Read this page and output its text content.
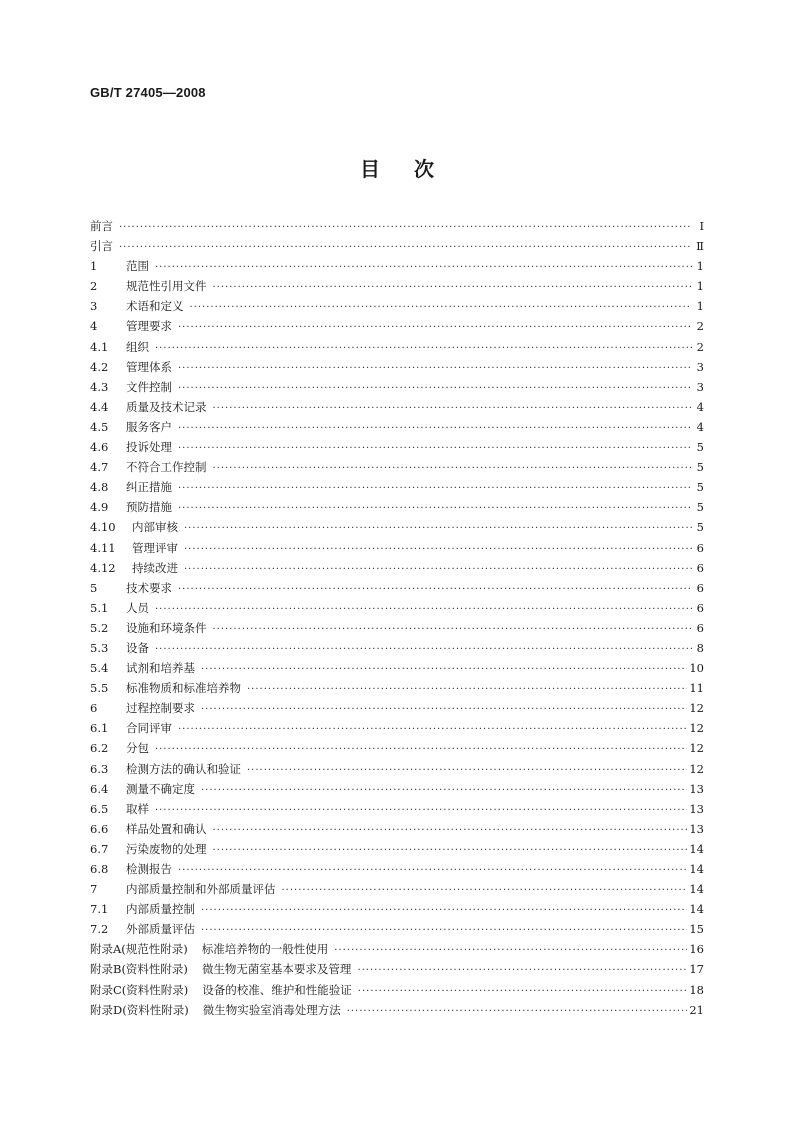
GB/T 27405—2008
目次
前言 ·····	Ⅰ
引言 ·····	Ⅱ
1 范围 ·····	1
2 规范性引用文件 ·····	1
3 术语和定义 ·····	1
4 管理要求 ·····	2
4.1 组织 ·····	2
4.2 管理体系 ·····	3
4.3 文件控制 ·····	3
4.4 质量及技术记录 ·····	4
4.5 服务客户 ·····	4
4.6 投诉处理 ·····	5
4.7 不符合工作控制 ·····	5
4.8 纠正措施 ·····	5
4.9 预防措施 ·····	5
4.10 内部审核 ·····	5
4.11 管理评审 ·····	6
4.12 持续改进 ·····	6
5 技术要求 ·····	6
5.1 人员 ·····	6
5.2 设施和环境条件 ·····	6
5.3 设备 ·····	8
5.4 试剂和培养基 ·····	10
5.5 标准物质和标准培养物 ·····	11
6 过程控制要求 ·····	12
6.1 合同评审 ·····	12
6.2 分包 ·····	12
6.3 检测方法的确认和验证 ·····	12
6.4 测量不确定度 ·····	13
6.5 取样 ·····	13
6.6 样品处置和确认 ·····	13
6.7 污染废物的处理 ·····	14
6.8 检测报告 ·····	14
7 内部质量控制和外部质量评估 ·····	14
7.1 内部质量控制 ·····	14
7.2 外部质量评估 ·····	15
附录A(规范性附录) 标准培养物的一般性使用 ·····	16
附录B(资料性附录) 微生物无菌室基本要求及管理 ·····	17
附录C(资料性附录) 设备的校准、维护和性能验证 ·····	18
附录D(资料性附录) 微生物实验室消毒处理方法 ·····	21
